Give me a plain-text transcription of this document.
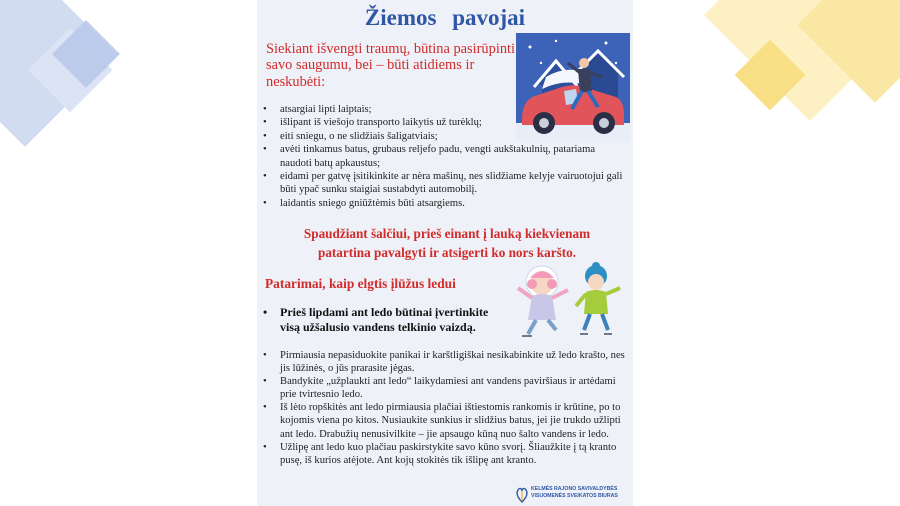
Žiemos pavojai
Siekiant išvengti traumų, būtina pasirūpinti savo saugumu, bei – būti atidiems ir neskubėti:
• atsargiai lipti laiptais;
• išlipant iš viešojo transporto laikytis už turėklų;
• eiti sniegu, o ne slidžiais šaligatviais;
• avėti tinkamus batus, grubaus reljefo padu, vengti aukštakulnių, patariama naudoti batų apkaustus;
• eidami per gatvę įsitikinkite ar nėra mašinų, nes slidžiame kelyje vairuotojui gali būti ypač sunku staigiai sustabdyti automobilį.
• laidantis sniego gniūžtėmis būti atsargiems.
Spaudžiant šalčiui, prieš einant į lauką kiekvienam patartina pavalgyti ir atsigerti ko nors karšto.
Patarimai, kaip elgtis įlūžus ledui
• Prieš lipdami ant ledo būtinai įvertinkite visą užšalusio vandens telkinio vaizdą.
• Pirmiausia nepasiduokite panikai ir karštligiškai nesikabinkite už ledo krašto, nes jis lūžinės, o jūs prarasite jėgas.
• Bandykite „užplaukti ant ledo“ laikydamiesi ant vandens paviršiaus ir artėdami prie tvirtesnio ledo.
• Iš lėto ropškitės ant ledo pirmiausia plačiai ištiestomis rankomis ir krūtine, po to kojomis viena po kitos. Nusiaukite sunkius ir slidžius batus, jei jie trukdo užlipti ant ledo. Drabužių nenusivilkite – jie apsaugo kūną nuo šalto vandens ir ledo.
• Užlipę ant ledo kuo plačiau paskirstykite savo kūno svorį. Šliaužkite į tą kranto pusę, iš kurios atėjote. Ant kojų stokitės tik išlipę ant kranto.
KELMĖS RAJONO SAVIVALDYBĖS
VISUOMENĖS SVEIKATOS BIURAS
